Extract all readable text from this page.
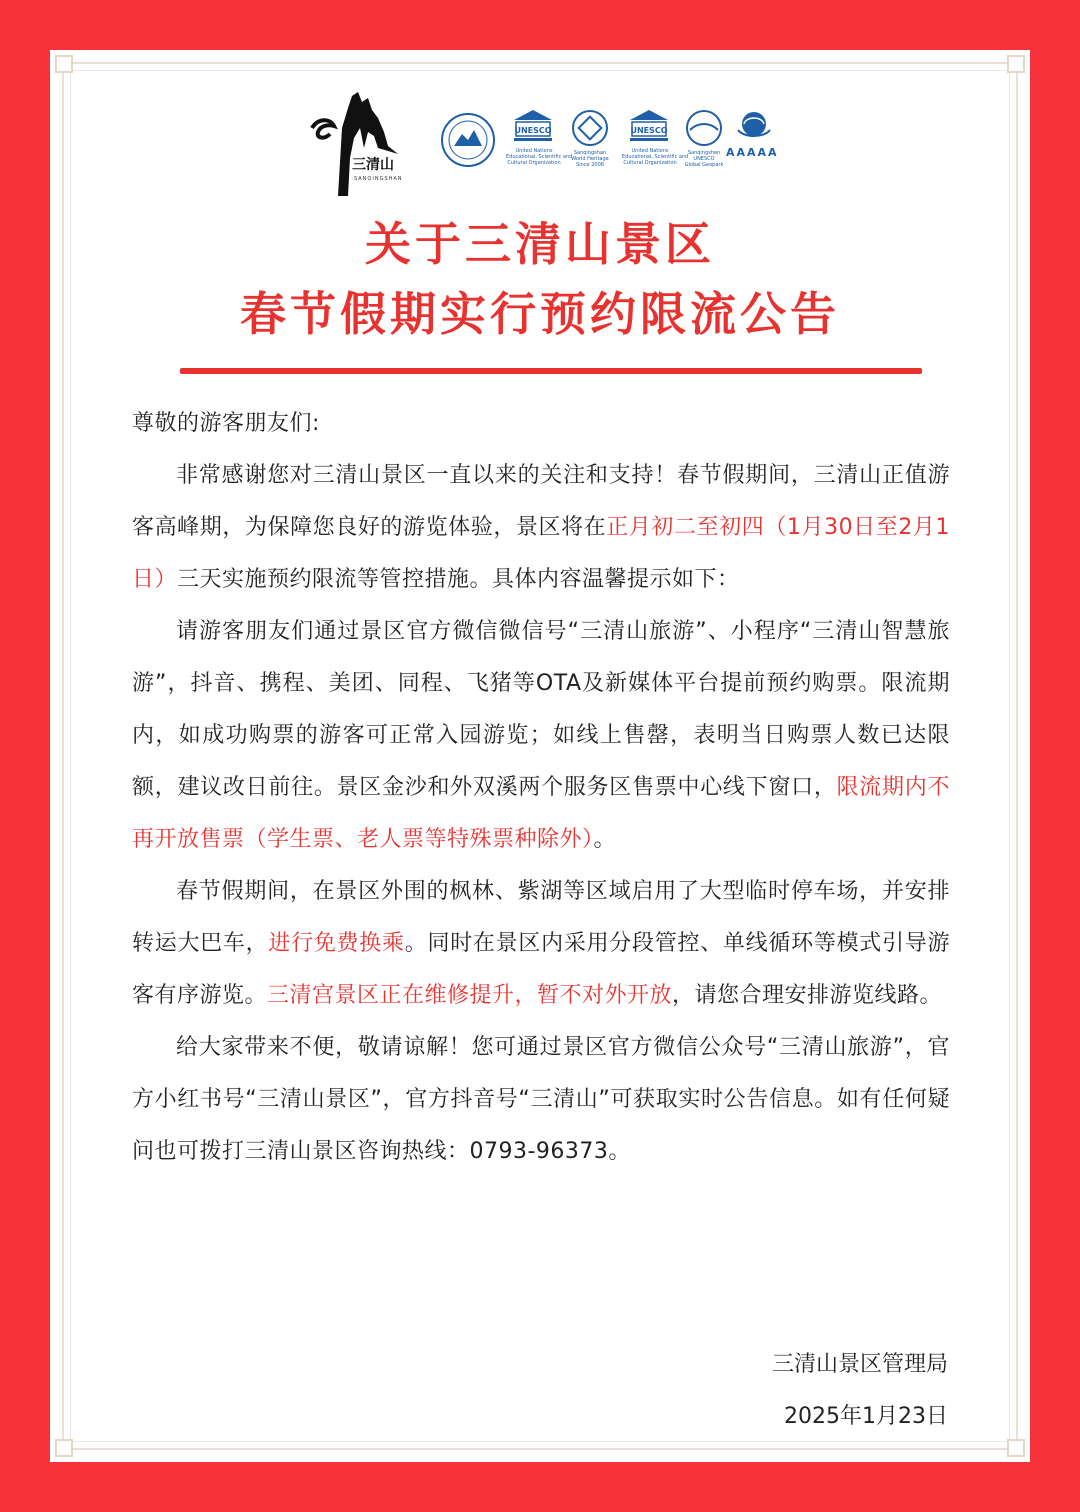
三清山
SANQINGSHAN
UNESCO
United Nations
Educational, Scientific and
Cultural Organization
Sanqingshan
World Heritage
Since 2008
UNESCO
United Nations
Educational, Scientific and
Cultural Organization
Sanqingshan
UNESCO
Global Geopark
AAAAA
关于三清山景区
春节假期实行预约限流公告

尊敬的游客朋友们:

非常感谢您对三清山景区一直以来的关注和支持！春节假期间，三清山正值游客高峰期，为保障您良好的游览体验，景区将在正月初二至初四（1月30日至2月1日）三天实施预约限流等管控措施。具体内容温馨提示如下：

请游客朋友们通过景区官方微信微信号“三清山旅游”、小程序“三清山智慧旅游”，抖音、携程、美团、同程、飞猪等OTA及新媒体平台提前预约购票。限流期内，如成功购票的游客可正常入园游览；如线上售罄，表明当日购票人数已达限额，建议改日前往。景区金沙和外双溪两个服务区售票中心线下窗口，限流期内不再开放售票（学生票、老人票等特殊票种除外）。

春节假期间，在景区外围的枫林、紫湖等区域启用了大型临时停车场，并安排转运大巴车，进行免费换乘。同时在景区内采用分段管控、单线循环等模式引导游客有序游览。三清宫景区正在维修提升，暂不对外开放，请您合理安排游览线路。

给大家带来不便，敬请谅解！您可通过景区官方微信公众号“三清山旅游”，官方小红书号“三清山景区”，官方抖音号“三清山”可获取实时公告信息。如有任何疑问也可拨打三清山景区咨询热线：0793-96373。

三清山景区管理局
2025年1月23日
